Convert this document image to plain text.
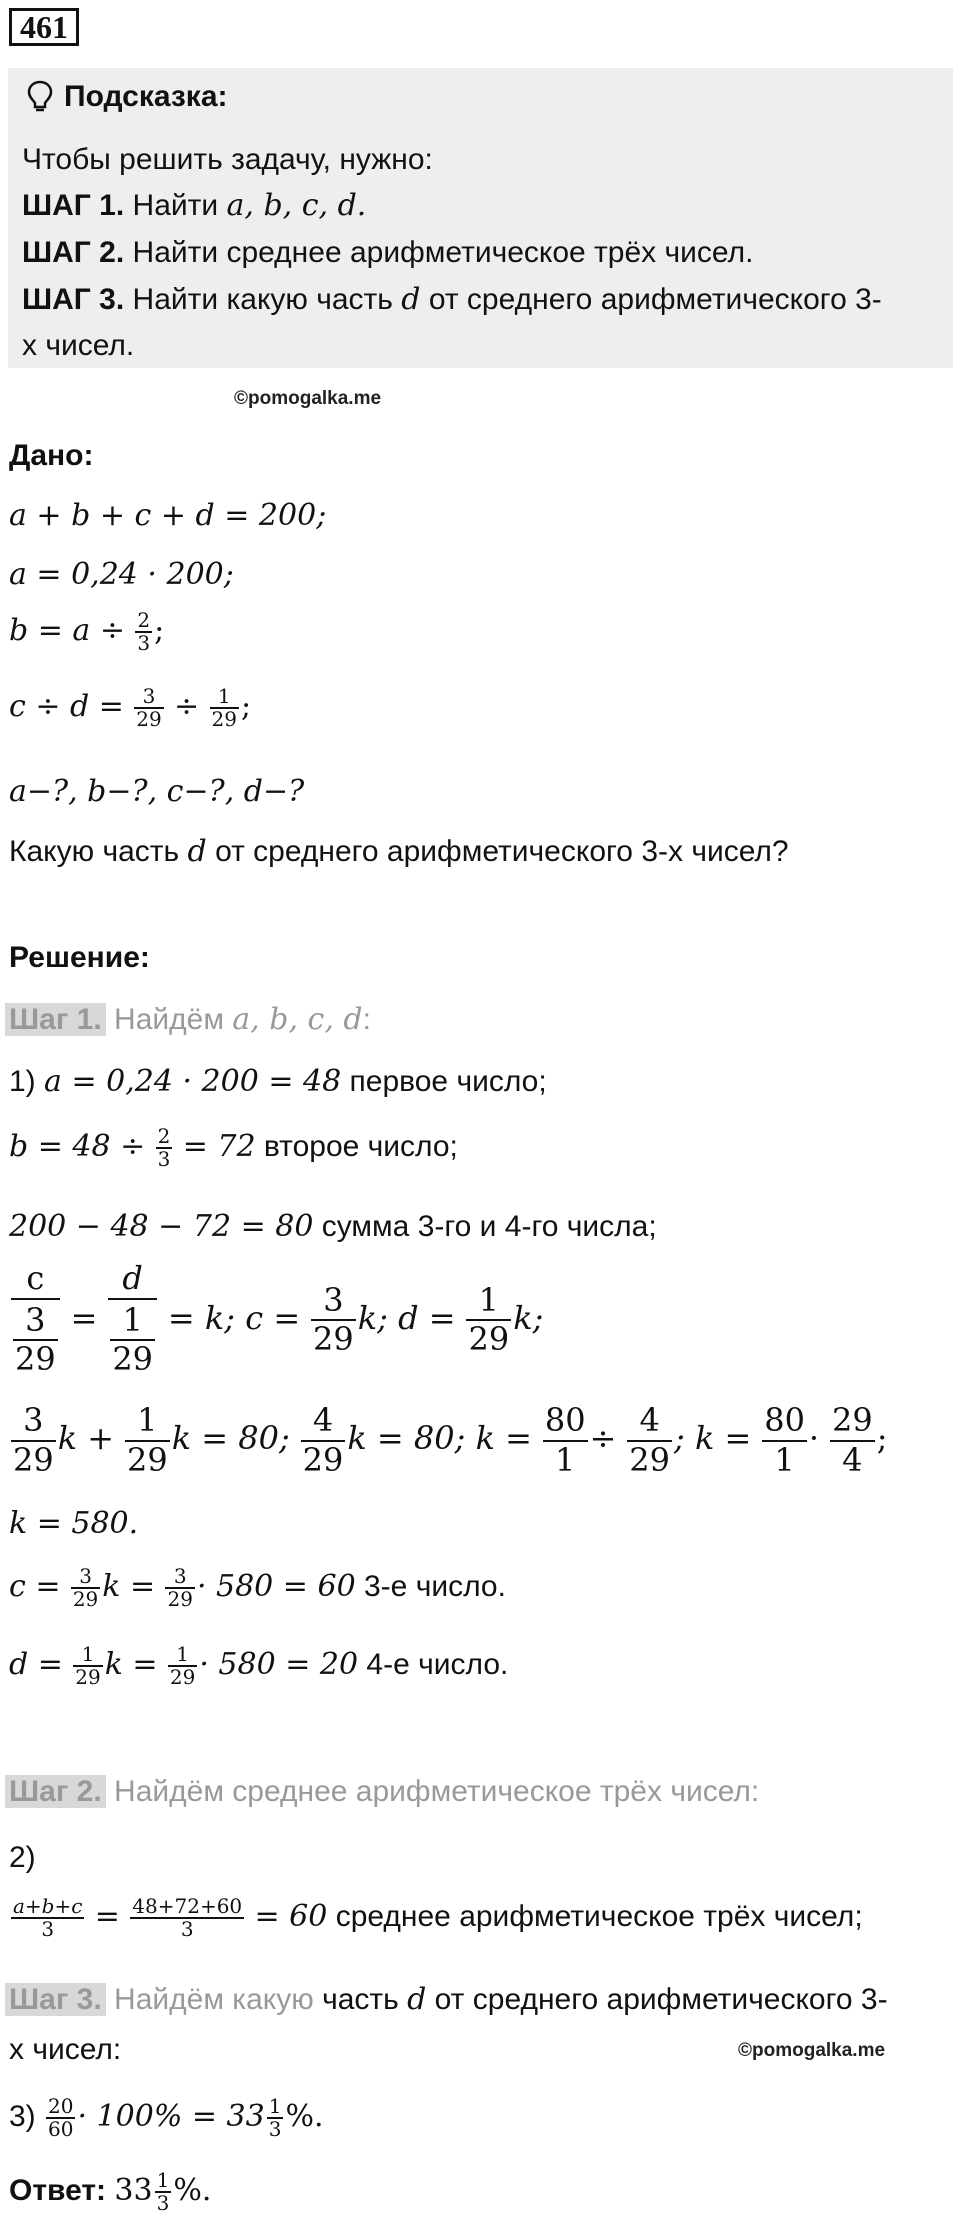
461
Подсказка:
Чтобы решить задачу, нужно:
ШАГ 1. Найти a, b, c, d.
ШАГ 2. Найти среднее арифметическое трёх чисел.
ШАГ 3. Найти какую часть d от среднего арифметического 3-
х чисел.
©pomogalka.me
Дано:
a + b + c + d = 200;
a = 0,24 · 200;
$b = a \div \frac{2}{3}$ ;
$c \div d = \frac{3}{29} \div \frac{1}{29}$ ;
a−?, b−?, c−?, d−?
Какую часть d от среднего арифметического 3-х чисел?
Решение:
Шаг 1. Найдём a, b, c, d:
1) a = 0,24 · 200 = 48 первое число;
$b = 48 \div \frac{2}{3} = 72$ второе число;
200 − 48 − 72 = 80 сумма 3-го и 4-го числа;
$\frac{c}{\frac{3}{29}} = \frac{d}{\frac{1}{29}} = k$; $c = \frac{3}{29} k$; $d = \frac{1}{29} k$;
$\frac{3}{29}$ $k + \frac{1}{29}$ k = 80; $\frac{4}{29}$ k = 80; $k = \frac{80}{1} \div \frac{4}{29}$ ; $k = \frac{80}{1} \cdot \frac{29}{4}$ ;
k = 580.
$c = \frac{3}{29}$ $k = \frac{3}{29} \cdot 580 = 60$ 3-е число.
$d = \frac{1}{29}$ $k = \frac{1}{29} \cdot 580 = 20$ 4-е число.
Шаг 2. Найдём среднее арифметическое трёх чисел:
2)
$\frac{a+b+c}{3} = \frac{48+72+60}{3} = 60$ среднее арифметическое трёх чисел;
Шаг 3. Найдём какую часть d от среднего арифметического 3-
х чисел:	©pomogalka.me
$3) \frac{20}{60} \cdot 100\% = 33 \frac{1}{3}$ %.
Ответ: $33 \frac{1}{3}$ %.
